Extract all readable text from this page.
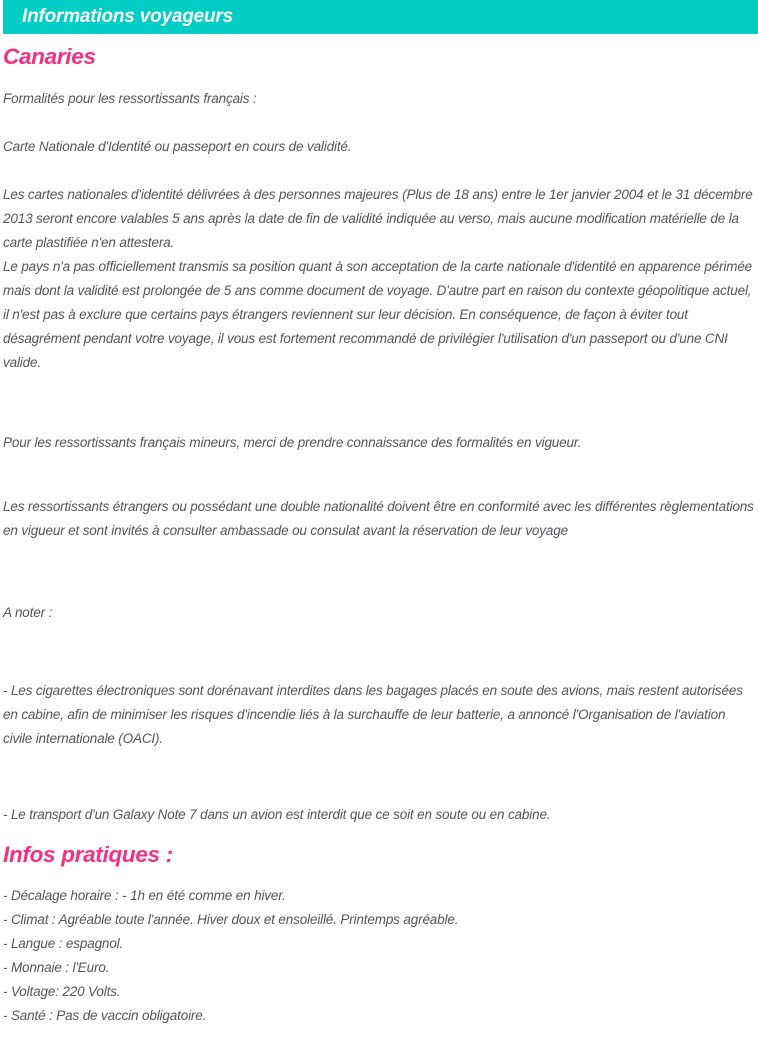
Informations voyageurs
Canaries

Formalités pour les ressortissants français :

Carte Nationale d'Identité ou passeport en cours de validité.

Les cartes nationales d'identité délivrées à des personnes majeures (Plus de 18 ans) entre le 1er janvier 2004 et le 31 décembre 2013 seront encore valables 5 ans après la date de fin de validité indiquée au verso, mais aucune modification matérielle de la carte plastifiée n'en attestera.

Le pays n'a pas officiellement transmis sa position quant à son acceptation de la carte nationale d'identité en apparence périmée mais dont la validité est prolongée de 5 ans comme document de voyage. D'autre part en raison du contexte géopolitique actuel, il n'est pas à exclure que certains pays étrangers reviennent sur leur décision. En conséquence, de façon à éviter tout désagrément pendant votre voyage, il vous est fortement recommandé de privilégier l'utilisation d'un passeport ou d'une CNI valide.

Pour les ressortissants français mineurs, merci de prendre connaissance des formalités en vigueur.

Les ressortissants étrangers ou possédant une double nationalité doivent être en conformité avec les différentes règlementations en vigueur et sont invités à consulter ambassade ou consulat avant la réservation de leur voyage

A noter :

- Les cigarettes électroniques sont dorénavant interdites dans les bagages placés en soute des avions, mais restent autorisées en cabine, afin de minimiser les risques d'incendie liés à la surchauffe de leur batterie, a annoncé l'Organisation de l'aviation civile internationale (OACI).

- Le transport d'un Galaxy Note 7 dans un avion est interdit que ce soit en soute ou en cabine.

Infos pratiques :

- Décalage horaire : - 1h en été comme en hiver.

- Climat : Agréable toute l'année. Hiver doux et ensoleillé. Printemps agréable.

- Langue : espagnol.

- Monnaie : l'Euro.

- Voltage: 220 Volts.

- Santé : Pas de vaccin obligatoire.
